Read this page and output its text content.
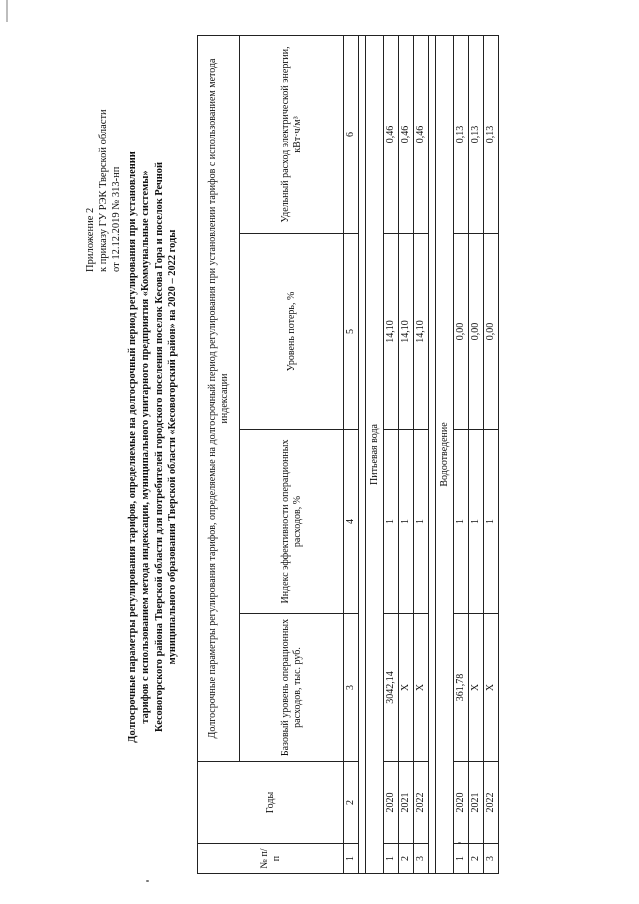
Приложение 2 к приказу ГУ РЭК Тверской области от 12.12.2019 № 313-нп Долгосрочные параметры регулирования тарифов, определяемые на долгосрочный период регулирования при установлении тарифов с использованием метода индексации, муниципального унитарного предприятия «Коммунальные системы» Кесовогорского района Тверской области для потребителей городского поселения поселок Кесова Гора и поселок Речной муниципального образования Тверской области «Кесовогорский район» на 2020 – 2022 годы
№ п/п	Годы	Долгосрочные параметры регулирования тарифов, определяемые на долгосрочный период регулирования при установлении тарифов с использованием метода индексации			
		Базовый уровень операционных расходов, тыс. руб.	Индекс эффективности операционных расходов, %	Уровень потерь, %	Удельный расход электрической энергии, кВт·ч/м³
1	2	3	4	5	6

Питьевая вода					
1	2020	3042,14	1	14,10	0,46
2	2021	Х	1	14,10	0,46
3	2022	Х	1	14,10	0,46

Водоотведение					
1	2020	361,78	1	0,00	0,13
2	2021	Х	1	0,00	0,13
3	2022	Х	1	0,00	0,13
